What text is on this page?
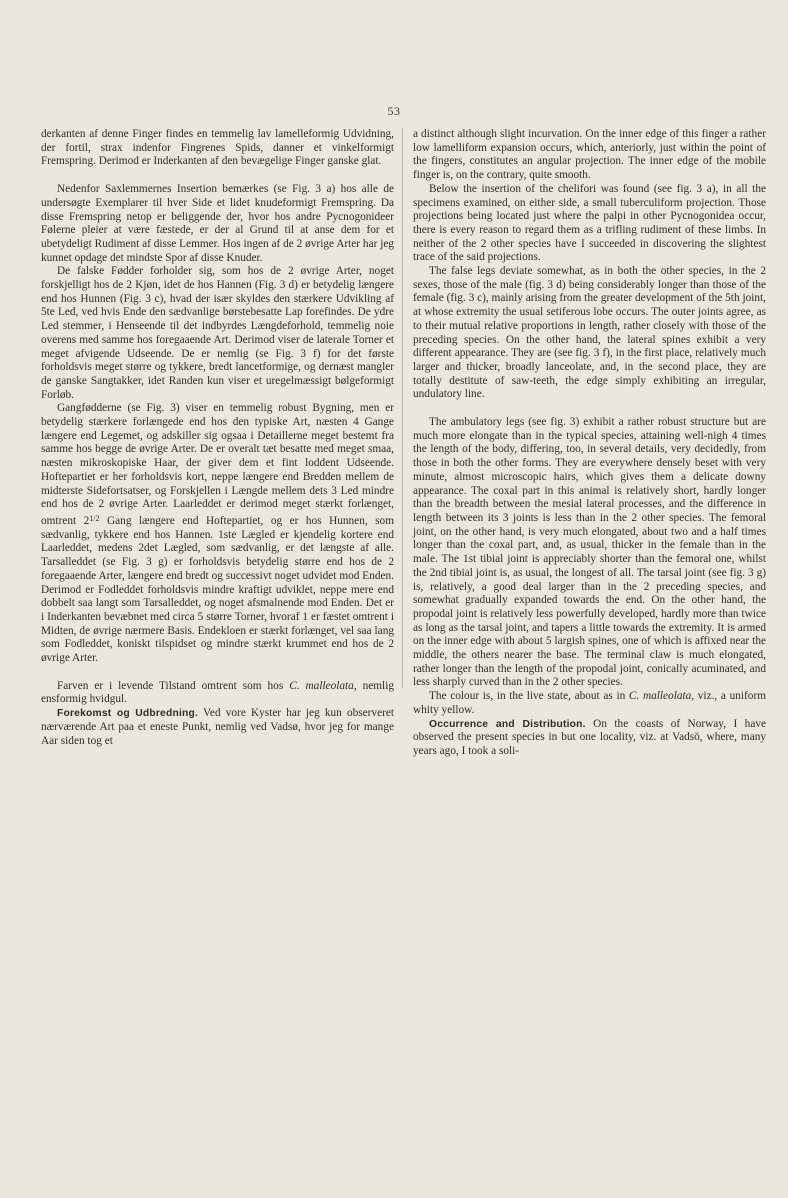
53

derkanten af denne Finger findes en temmelig lav lamelleformig Udvidning, der fortil, strax indenfor Fingrenes Spids, danner et vinkelformigt Fremspring. Derimod er Inderkanten af den bevægelige Finger ganske glat.

Nedenfor Saxlemmernes Insertion bemærkes (se Fig. 3 a) hos alle de undersøgte Exemplarer til hver Side et lidet knudeformigt Fremspring. Da disse Fremspring netop er beliggende der, hvor hos andre Pycnogonideer Følerne pleier at være fæstede, er der al Grund til at anse dem for et ubetydeligt Rudiment af disse Lemmer. Hos ingen af de 2 øvrige Arter har jeg kunnet opdage det mindste Spor af disse Knuder.

De falske Fødder forholder sig, som hos de 2 øvrige Arter, noget forskjelligt hos de 2 Kjøn, idet de hos Hannen (Fig. 3 d) er betydelig længere end hos Hunnen (Fig. 3 c), hvad der især skyldes den stærkere Udvikling af 5te Led, ved hvis Ende den sædvanlige børstebesatte Lap forefindes. De ydre Led stemmer, i Henseende til det indbyrdes Længdeforhold, temmelig noie overens med samme hos foregaaende Art. Derimod viser de laterale Torner et meget afvigende Udseende. De er nemlig (se Fig. 3 f) for det første forholdsvis meget større og tykkere, bredt lancetformige, og dernæst mangler de ganske Sangtakker, idet Randen kun viser et uregelmæssigt bølgeformigt Forløb.

Gangfødderne (se Fig. 3) viser en temmelig robust Bygning, men er betydelig stærkere forlængede end hos den typiske Art, næsten 4 Gange længere end Legemet, og adskiller sig ogsaa i Detaillerne meget bestemt fra samme hos begge de øvrige Arter. De er overalt tæt besatte med meget smaa, næsten mikroskopiske Haar, der giver dem et fint loddent Udseende. Hoftepartiet er her forholdsvis kort, neppe længere end Bredden mellem de midterste Sidefortsatser, og Forskjellen i Længde mellem dets 3 Led mindre end hos de 2 øvrige Arter. Laarleddet er derimod meget stærkt forlænget, omtrent $2^{1/2}$ Gang længere end Hoftepartiet, og er hos Hunnen, som sædvanlig, tykkere end hos Hannen. 1ste Lægled er kjendelig kortere end Laarleddet, medens 2det Lægled, som sædvanlig, er det længste af alle. Tarsalleddet (se Fig. 3 g) er forholdsvis betydelig større end hos de 2 foregaaende Arter, længere end bredt og successivt noget udvidet mod Enden. Derimod er Fodleddet forholdsvis mindre kraftigt udviklet, neppe mere end dobbelt saa langt som Tarsalleddet, og noget afsmalnende mod Enden. Det er i Inderkanten bevæbnet med circa 5 større Torner, hvoraf 1 er fæstet omtrent i Midten, de øvrige nærmere Basis. Endekloen er stærkt forlænget, vel saa lang som Fodleddet, koniskt tilspidset og mindre stærkt krummet end hos de 2 øvrige Arter.

Farven er i levende Tilstand omtrent som hos C. malleolata, nemlig ensformig hvidgul.

Forekomst og Udbredning. Ved vore Kyster har jeg kun observeret nærværende Art paa et eneste Punkt, nemlig ved Vadsø, hvor jeg for mange Aar siden tog et

a distinct although slight incurvation. On the inner edge of this finger a rather low lamelliform expansion occurs, which, anteriorly, just within the point of the fingers, constitutes an angular projection. The inner edge of the mobile finger is, on the contrary, quite smooth.

Below the insertion of the chelifori was found (see fig. 3 a), in all the specimens examined, on either side, a small tuberculiform projection. Those projections being located just where the palpi in other Pycnogonidea occur, there is every reason to regard them as a trifling rudiment of these limbs. In neither of the 2 other species have I succeeded in discovering the slightest trace of the said projections.

The false legs deviate somewhat, as in both the other species, in the 2 sexes, those of the male (fig. 3 d) being considerably longer than those of the female (fig. 3 c), mainly arising from the greater development of the 5th joint, at whose extremity the usual setiferous lobe occurs. The outer joints agree, as to their mutual relative proportions in length, rather closely with those of the preceding species. On the other hand, the lateral spines exhibit a very different appearance. They are (see fig. 3 f), in the first place, relatively much larger and thicker, broadly lanceolate, and, in the second place, they are totally destitute of saw-teeth, the edge simply exhibiting an irregular, undulatory line.

The ambulatory legs (see fig. 3) exhibit a rather robust structure but are much more elongate than in the typical species, attaining well-nigh 4 times the length of the body, differing, too, in several details, very decidedly, from those in both the other forms. They are everywhere densely beset with very minute, almost microscopic hairs, which gives them a delicate downy appearance. The coxal part in this animal is relatively short, hardly longer than the breadth between the mesial lateral processes, and the difference in length between its 3 joints is less than in the 2 other species. The femoral joint, on the other hand, is very much elongated, about two and a half times longer than the coxal part, and, as usual, thicker in the female than in the male. The 1st tibial joint is appreciably shorter than the femoral one, whilst the 2nd tibial joint is, as usual, the longest of all. The tarsal joint (see fig. 3 g) is, relatively, a good deal larger than in the 2 preceding species, and somewhat gradually expanded towards the end. On the other hand, the propodal joint is relatively less powerfully developed, hardly more than twice as long as the tarsal joint, and tapers a little towards the extremity. It is armed on the inner edge with about 5 largish spines, one of which is affixed near the middle, the others nearer the base. The terminal claw is much elongated, rather longer than the length of the propodal joint, conically acuminated, and less sharply curved than in the 2 other species.

The colour is, in the live state, about as in C. malleolata, viz., a uniform whity yellow.

Occurrence and Distribution. On the coasts of Norway, I have observed the present species in but one locality, viz. at Vadsö, where, many years ago, I took a soli-
